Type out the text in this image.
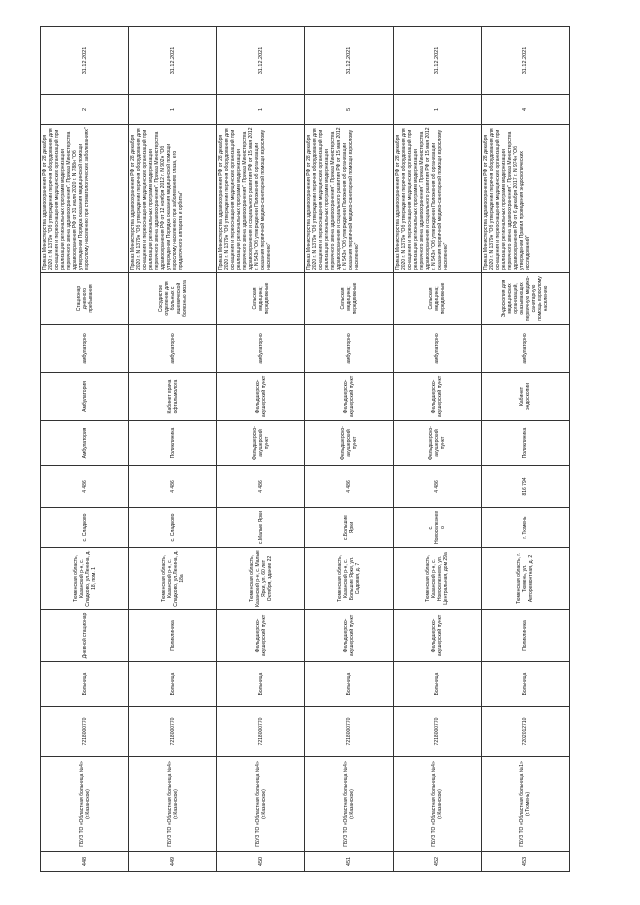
448	ГБУЗ ТО «Областная больница №4» (г.Казанское)	7218000770	Больница	Дневной стационар	Тюменская область, Казанский р-н, с. Сладково, ул.Ленина, д. 18, пом. 1	с. Сладково	4 486	Амбулатория	Амбулатория	амбулаторно	Стационар дневного пребывания	Приказ Министерства здравоохранения РФ от 28 декабря 2020 г. N 1379н "Об утверждении перечня оборудования для оснащения и переоснащения медицинских организаций при реализации региональных программ модернизации первичного звена здравоохранения". Приказ Министерства здравоохранения РФ от 31 июля 2020 г. N 788н "Об утверждении Порядка оказания медицинской помощи взрослому населению при стоматологических заболеваниях"	2	31.12.2021
449	ГБУЗ ТО «Областная больница №4» (г.Казанское)	7218000770	Больница	Поликлиника	Тюменская область, Казанский р-н, с. Сладково, ул.Ленина, д. 18а	с. Сладково	4 486	Поликлиника	Кабинет врача офтальмолога	амбулаторно	Сосудистое отделение для больных с ишемической болезнью мозга	Приказ Министерства здравоохранения РФ от 28 декабря 2020 г. N 1379н "Об утверждении перечня оборудования для оснащения и переоснащения медицинских организаций при реализации региональных программ модернизации первичного звена здравоохранения". Приказ Министерства здравоохранения РФ от 12 ноября 2012 г. N 902н "Об утверждении Порядка оказания медицинской помощи взрослому населению при заболеваниях глаза, его придаточного аппарата и орбиты"	1	31.12.2021
450	ГБУЗ ТО «Областная больница №4» (г.Казанское)	7218000770	Больница	Фельдшерско-акушерский пункт	Тюменская область, Казанский р-н, с. Малые Ярки, ул. 60 лет Октября, здание 22	с.Малые Ярки	4 486	Фельдшерско-акушерский пункт	Фельдшерско-акушерский пункт	амбулаторно	Сельская медицина; передвижные	Приказ Министерства здравоохранения РФ от 28 декабря 2020 г. N 1379н "Об утверждении перечня оборудования для оснащения и переоснащения медицинских организаций при реализации региональных программ модернизации первичного звена здравоохранения". Приказ Министерства здравоохранения и социального развития РФ от 15 мая 2012 г. N 543н "Об утверждении Положения об организации оказания первичной медико-санитарной помощи взрослому населению"	1	31.12.2021
451	ГБУЗ ТО «Областная больница №4» (г.Казанское)	7218000770	Больница	Фельдшерско-акушерский пункт	Тюменская область, Казанский р-н, с. Большие Ярки, ул. Садовая, д. 7	с.Большие Ярки	4 486	Фельдшерско-акушерский пункт	Фельдшерско-акушерский пункт	амбулаторно	Сельская медицина; передвижные	Приказ Министерства здравоохранения РФ от 28 декабря 2020 г. N 1379н "Об утверждении перечня оборудования для оснащения и переоснащения медицинских организаций при реализации региональных программ модернизации первичного звена здравоохранения". Приказ Министерства здравоохранения и социального развития РФ от 15 мая 2012 г. N 543н "Об утверждении Положения об организации оказания первичной медико-санитарной помощи взрослому населению"	5	31.12.2021
452	ГБУЗ ТО «Областная больница №4» (г.Казанское)	7218000770	Больница	Фельдшерско-акушерский пункт	Тюменская область, Казанский р-н, с. Новоселезнево, ул. Центральная, дом 29а	с. Новоселезнево	4 486	Фельдшерско-акушерский пункт	Фельдшерско-акушерский пункт	амбулаторно	Сельская медицина; передвижные	Приказ Министерства здравоохранения РФ от 28 декабря 2020 г. N 1379н "Об утверждении перечня оборудования для оснащения и переоснащения медицинских организаций при реализации региональных программ модернизации первичного звена здравоохранения". Приказ Министерства здравоохранения и социального развития РФ от 15 мая 2012 г. N 543н "Об утверждении Положения об организации оказания первичной медико-санитарной помощи взрослому населению"	1	31.12.2021
453	ГБУЗ ТО «Областная больница №1» (г.Тюмень)	7202012710	Больница	Поликлиника	Тюменская область, г. Тюмень, ул. Авторемонтная, д. 2	г. Тюмень	816 794	Поликлиника	Кабинет эндоскопии	амбулаторно	Эндоскопия для медицинских организаций, оказывающих первичную медико-санитарную помощь взрослому населению	Приказ Министерства здравоохранения РФ от 28 декабря 2020 г. N 1379н "Об утверждении перечня оборудования для оснащения и переоснащения медицинских организаций при реализации региональных программ модернизации первичного звена здравоохранения". Приказ Министерства здравоохранения РФ от 6 декабря 2017 г. N 974н "Об утверждении Правил проведения эндоскопических исследований"	4	31.12.2021
